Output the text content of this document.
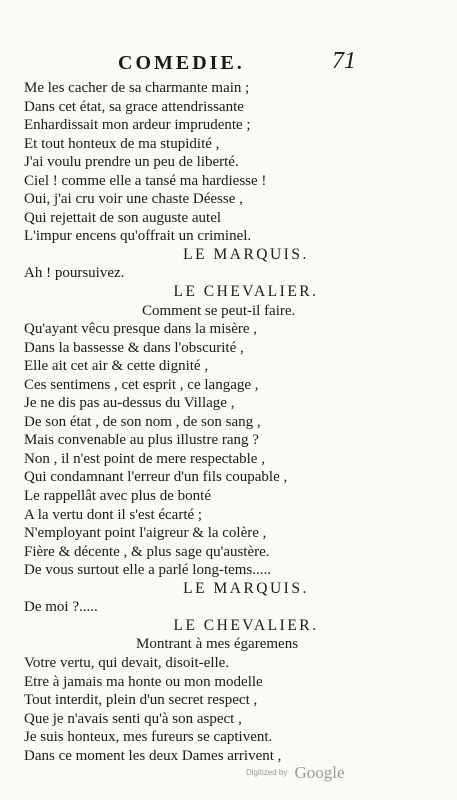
COMEDIE.	71
Me les cacher de sa charmante main ;
Dans cet état, sa grace attendrissante
Enhardissait mon ardeur imprudente ;
Et tout honteux de ma stupidité ,
J'ai voulu prendre un peu de liberté.
Ciel ! comme elle a tansé ma hardiesse !
Oui, j'ai cru voir une chaste Déesse ,
Qui rejettait de son auguste autel
L'impur encens qu'offrait un criminel.
LE MARQUIS.
Ah ! poursuivez.
LE CHEVALIER.
Comment se peut-il faire.
Qu'ayant vêcu presque dans la misère ,
Dans la bassesse & dans l'obscurité ,
Elle ait cet air & cette dignité ,
Ces sentimens , cet esprit , ce langage ,
Je ne dis pas au-dessus du Village ,
De son état , de son nom , de son sang ,
Mais convenable au plus illustre rang ?
Non , il n'est point de mere respectable ,
Qui condamnant l'erreur d'un fils coupable ,
Le rappellât avec plus de bonté
A la vertu dont il s'est écarté ;
N'employant point l'aigreur & la colère ,
Fière & décente , & plus sage qu'austère.
De vous surtout elle a parlé long-tems.....
LE MARQUIS.
De moi ?.....
LE CHEVALIER.
Montrant à mes égaremens
Votre vertu, qui devait, disoit-elle.
Etre à jamais ma honte ou mon modelle
Tout interdit, plein d'un secret respect ,
Que je n'avais senti qu'à son aspect ,
Je suis honteux, mes fureurs se captivent.
Dans ce moment les deux Dames arrivent ,
Digitized by Google
